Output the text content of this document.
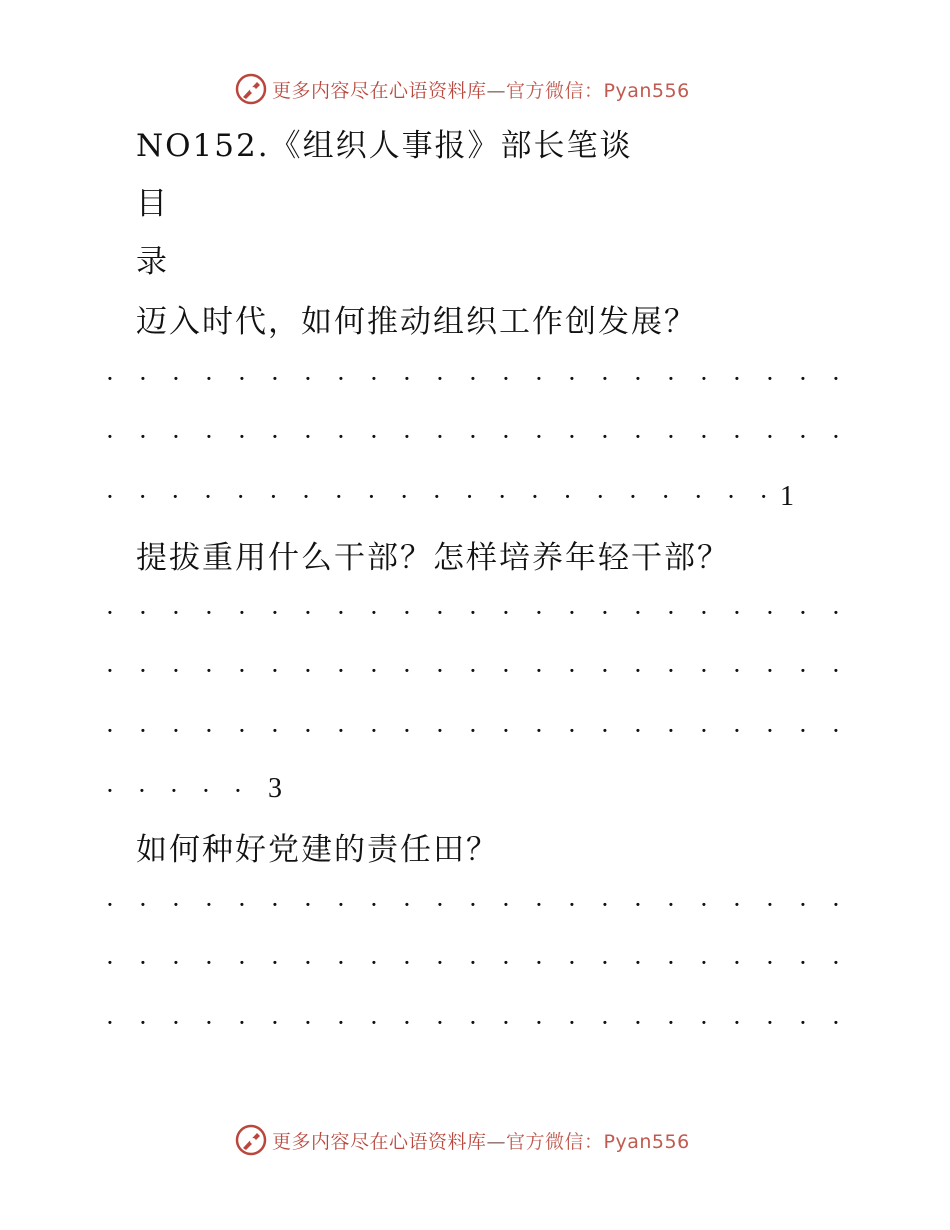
更多内容尽在心语资料库—官方微信：Pyan556
NO152.《组织人事报》部长笔谈
目
录
迈入时代，如何推动组织工作创发展？
· · · · · · · · · · · · · · · · · · · · · · ·
· · · · · · · · · · · · · · · · · · · · · · ·
· · · · · · · · · · · · · · · · · · · · · 1
提拔重用什么干部？怎样培养年轻干部？
· · · · · · · · · · · · · · · · · · · · · · ·
· · · · · · · · · · · · · · · · · · · · · · ·
· · · · · · · · · · · · · · · · · · · · · · ·
· · · · · 3
如何种好党建的责任田？
· · · · · · · · · · · · · · · · · · · · · · ·
· · · · · · · · · · · · · · · · · · · · · · ·
· · · · · · · · · · · · · · · · · · · · · · ·
更多内容尽在心语资料库—官方微信：Pyan556
